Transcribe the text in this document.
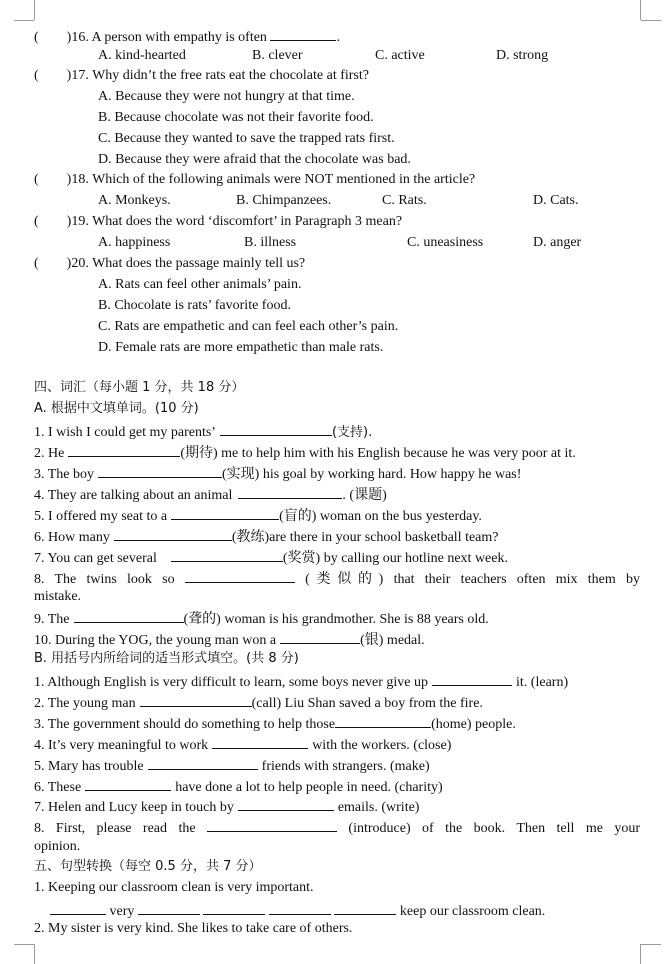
( )16. A person with empathy is often	.
A. kind-hearted	B. clever	C. active	D. strong
( )17. Why didn’t the free rats eat the chocolate at first?
A. Because they were not hungry at that time.
B. Because chocolate was not their favorite food.
C. Because they wanted to save the trapped rats first.
D. Because they were afraid that the chocolate was bad.
( )18. Which of the following animals were NOT mentioned in the article?
A. Monkeys.	B. Chimpanzees.	C. Rats.	D. Cats.
( )19. What does the word ‘discomfort’ in Paragraph 3 mean?
A. happiness	B. illness	C. uneasiness	D. anger
( )20. What does the passage mainly tell us?
A. Rats can feel other animals’ pain.
B. Chocolate is rats’ favorite food.
C. Rats are empathetic and can feel each other’s pain.
D. Female rats are more empathetic than male rats.
四、词汇（每小题 1 分，共 18 分）
A. 根据中文填单词。(10 分)
1. I wish I could get my parents’	(支持).
2. He	(期待) me to help him with his English because he was very poor at it.
3. The boy	(实现) his goal by working hard. How happy he was!
4. They are talking about an animal	. (课题)
5. I offered my seat to a	(盲的) woman on the bus yesterday.
6. How many	(教练)are there in your school basketball team?
7. You can get several	(奖赏) by calling our hotline next week.
8. The twins look so	(类似的) that their teachers often mix them by
mistake.
9. The	(聋的) woman is his grandmother. She is 88 years old.
10. During the YOG, the young man won a	(银) medal.
B. 用括号内所给词的适当形式填空。(共 8 分)
1. Although English is very difficult to learn, some boys never give up	it. (learn)
2. The young man	(call) Liu Shan saved a boy from the fire.
3. The government should do something to help those	(home) people.
4. It’s very meaningful to work	with the workers. (close)
5. Mary has trouble	friends with strangers. (make)
6. These	have done a lot to help people in need. (charity)
7. Helen and Lucy keep in touch by	emails. (write)
8. First, please read the	(introduce) of the book. Then tell me your
opinion.
五、句型转换（每空 0.5 分，共 7 分）
1. Keeping our classroom clean is very important.
very	keep our classroom clean.
2. My sister is very kind. She likes to take care of others.
